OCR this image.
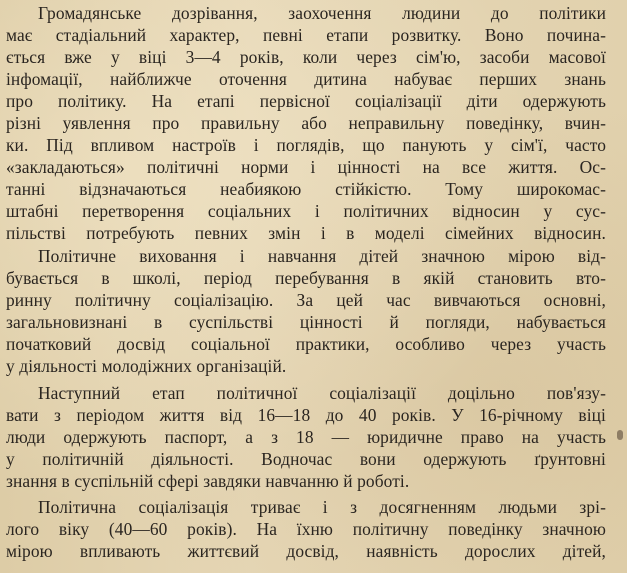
Громадянське дозрівання, заохочення людини до політики
має стадіальний характер, певні етапи розвитку. Воно почина-
ється вже у віці 3—4 років, коли через сім'ю, засоби масової
інфомації, найближче оточення дитина набуває перших знань
про політику. На етапі первісної соціалізації діти одержують
різні уявлення про правильну або неправильну поведінку, вчин-
ки. Під впливом настроїв і поглядів, що панують у сім'ї, часто
«закладаються» політичні норми і цінності на все життя. Ос-
танні відзначаються неабиякою стійкістю. Тому широкомас-
штабні перетворення соціальних і політичних відносин у сус-
пільстві потребують певних змін і в моделі сімейних відносин.
Політичне виховання і навчання дітей значною мірою від-
бувається в школі, період перебування в якій становить вто-
ринну політичну соціалізацію. За цей час вивчаються основні,
загальновизнані в суспільстві цінності й погляди, набувається
початковий досвід соціальної практики, особливо через участь
у діяльності молодіжних організацій.
Наступний етап політичної соціалізації доцільно пов'язу-
вати з періодом життя від 16—18 до 40 років. У 16-річному віці
люди одержують паспорт, а з 18 — юридичне право на участь
у політичній діяльності. Водночас вони одержують ґрунтовні
знання в суспільній сфері завдяки навчанню й роботі.
Політична соціалізація триває і з досягненням людьми зрі-
лого віку (40—60 років). На їхню політичну поведінку значною
мірою впливають життєвий досвід, наявність дорослих дітей,
